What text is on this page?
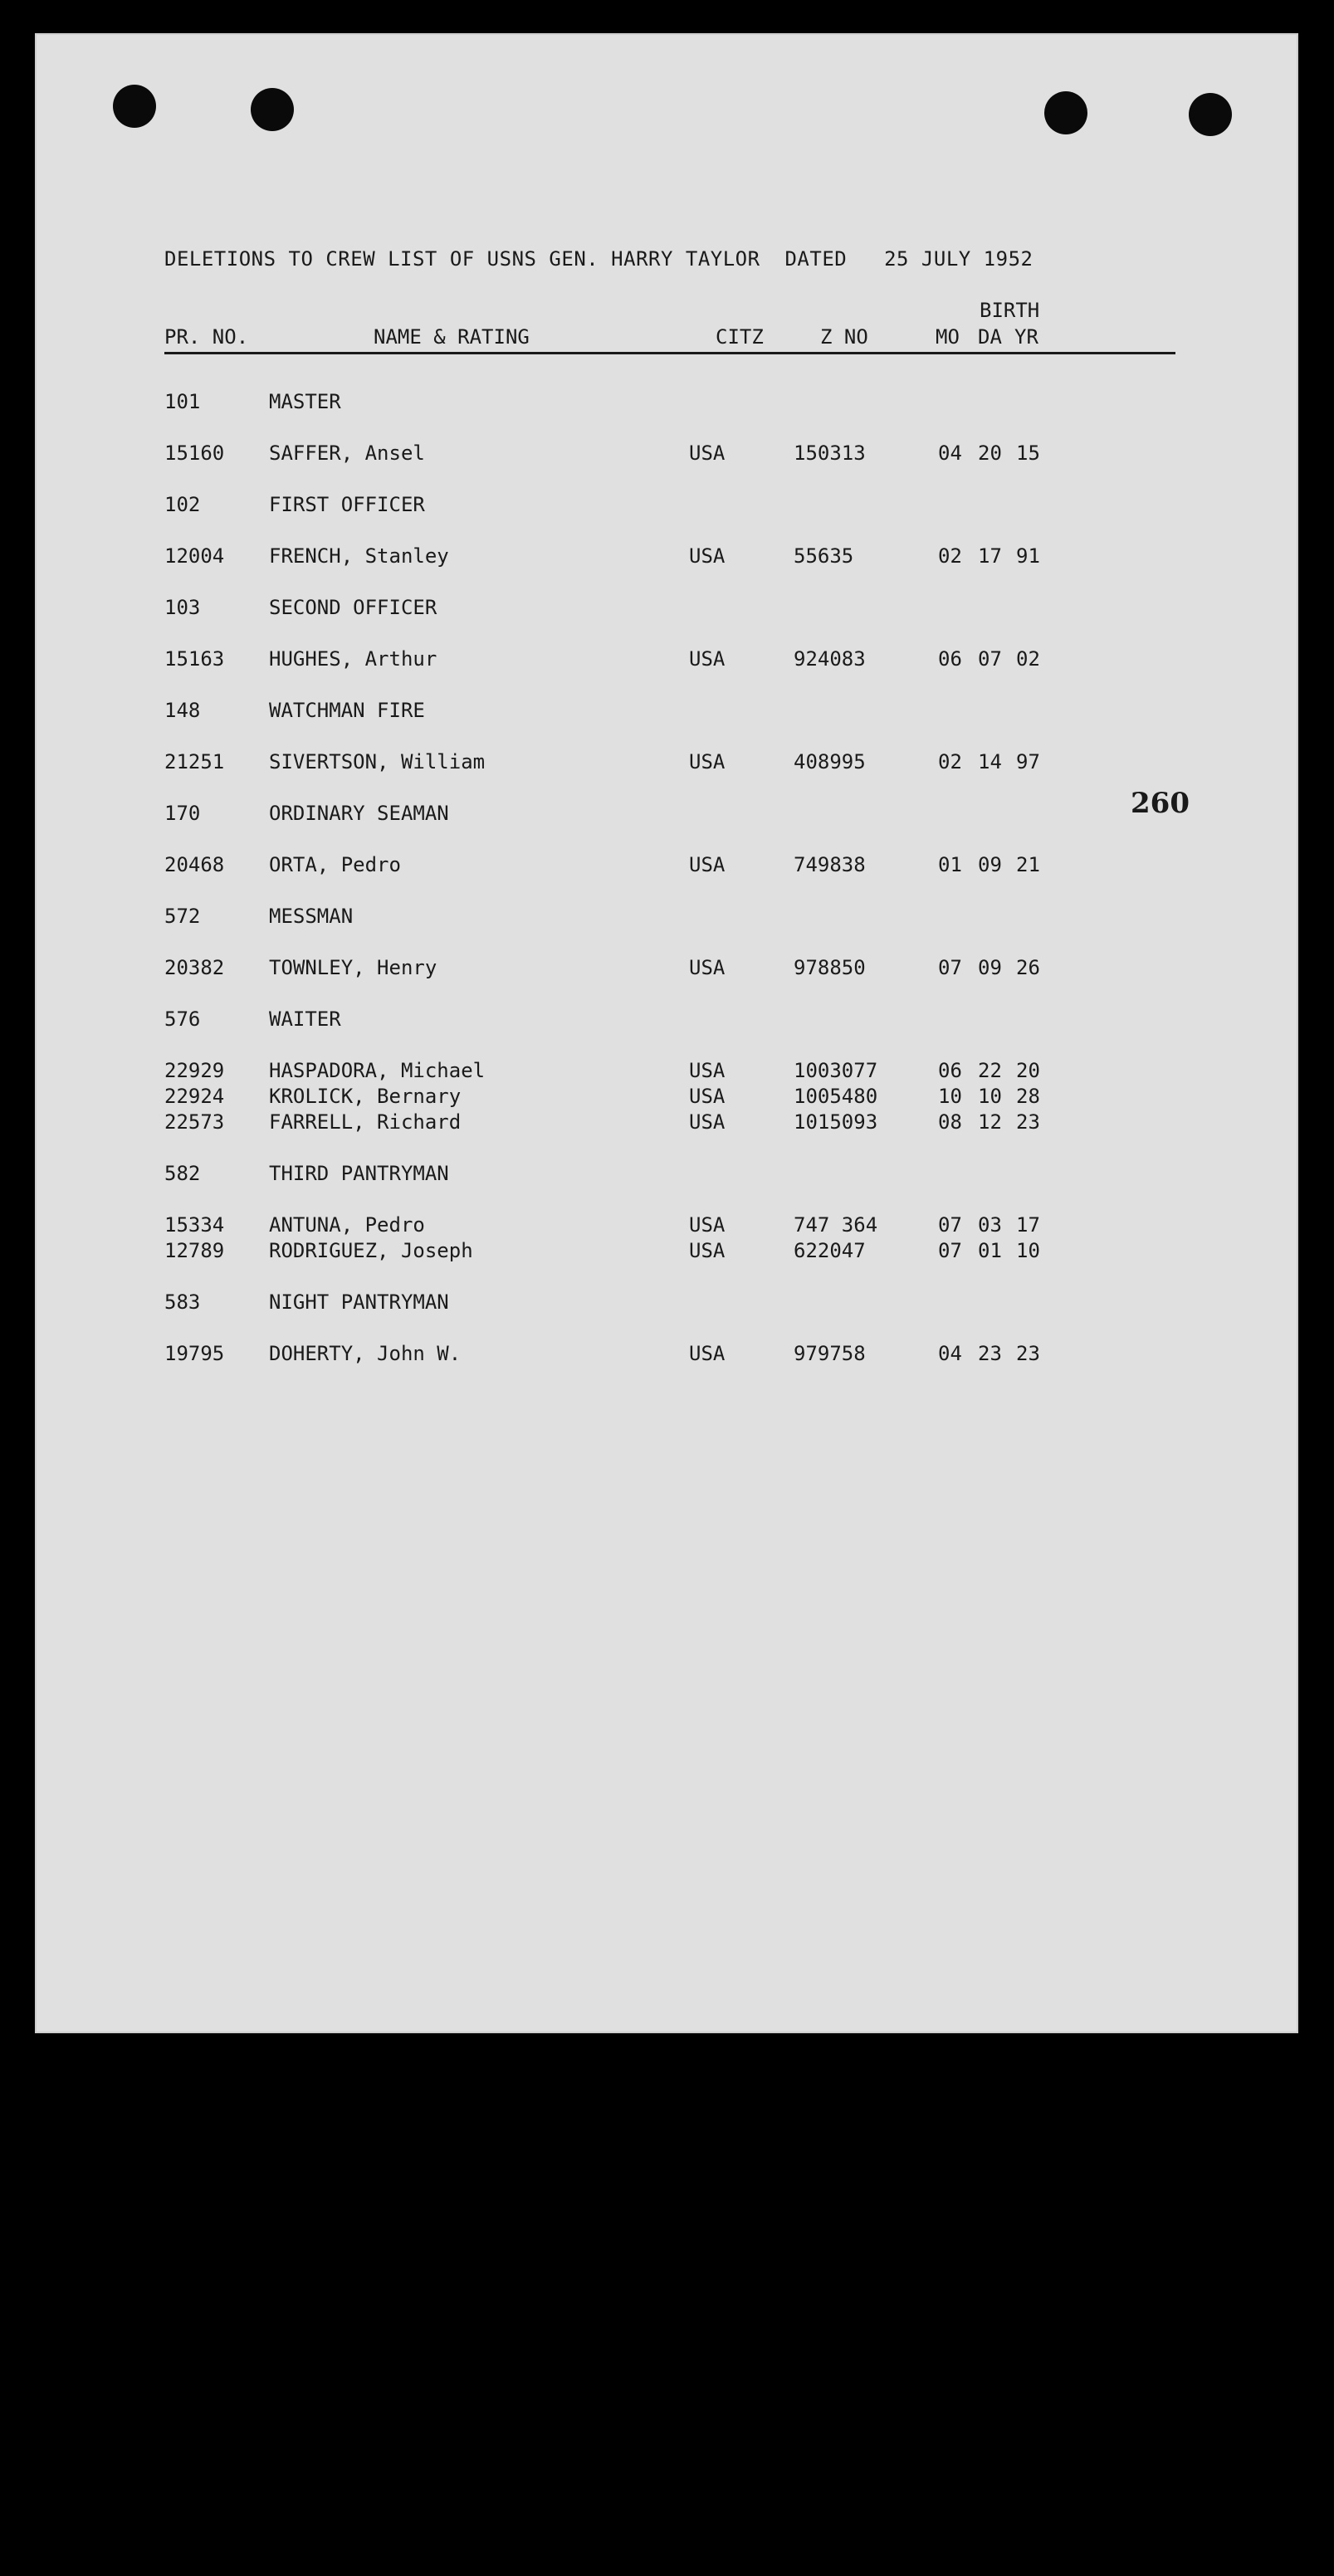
DELETIONS TO CREW LIST OF USNS GEN. HARRY TAYLOR DATED 25 JULY 1952
BIRTH
PR. NO.	NAME & RATING	CITZ	Z NO	MO DA YR
101	MASTER
15160 SAFFER, Ansel	USA	150313	04 20 15
102	FIRST OFFICER
12004 FRENCH, Stanley	USA	55635	02 17 91
103	SECOND OFFICER
15163 HUGHES, Arthur	USA	924083	06 07 02
148	WATCHMAN FIRE
21251 SIVERTSON, William	USA	408995	02 14 97
170	ORDINARY SEAMAN
20468 ORTA, Pedro	USA	749838	01 09 21
572	MESSMAN
20382 TOWNLEY, Henry	USA	978850	07 09 26
576	WAITER
22929 HASPADORA, Michael	USA	1003077	06 22 20
22924 KROLICK, Bernary	USA	1005480	10 10 28
22573 FARRELL, Richard	USA	1015093	08 12 23
582	THIRD PANTRYMAN
15334 ANTUNA, Pedro	USA	747 364	07 03 17
12789 RODRIGUEZ, Joseph	USA	622047	07 01 10
583	NIGHT PANTRYMAN
19795 DOHERTY, John W.	USA	979758	04 23 23
260
